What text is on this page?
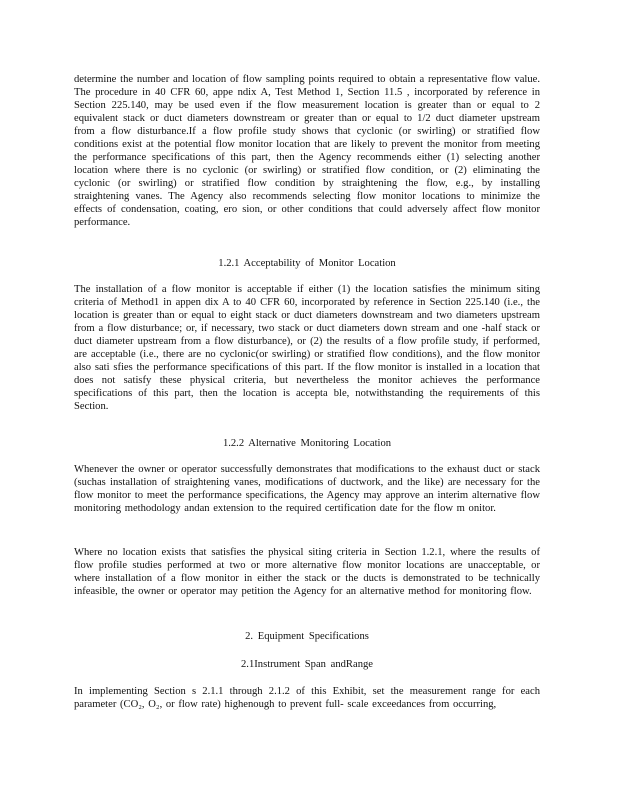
determine the number and location of flow sampling points required to obtain a representative flow value. The procedure in 40 CFR 60, appe ndix A, Test Method 1, Section 11.5 , incorporated by reference in Section 225.140, may be used even if the flow measurement location is greater than or equal to 2 equivalent stack or duct diameters downstream or greater than or equal to 1/2 duct diameter upstream from a flow disturbance.If a flow profile study shows that cyclonic (or swirling) or stratified flow conditions exist at the potential flow monitor location that are likely to prevent the monitor from meeting the performance specifications of this part, then the Agency recommends either (1) selecting another location where there is no cyclonic (or swirling) or stratified flow condition, or (2) eliminating the cyclonic (or swirling) or stratified flow condition by straightening the flow, e.g., by installing straightening vanes. The Agency also recommends selecting flow monitor locations to minimize the effects of condensation, coating, ero sion, or other conditions that could adversely affect flow monitor performance.

1.2.1 Acceptability of Monitor Location

The installation of a flow monitor is acceptable if either (1) the location satisfies the minimum siting criteria of Method1 in appen dix A to 40 CFR 60, incorporated by reference in Section 225.140 (i.e., the location is greater than or equal to eight stack or duct diameters downstream and two diameters upstream from a flow disturbance; or, if necessary, two stack or duct diameters down stream and one -half stack or duct diameter upstream from a flow disturbance), or (2) the results of a flow profile study, if performed, are acceptable (i.e., there are no cyclonic(or swirling) or stratified flow conditions), and the flow monitor also sati sfies the performance specifications of this part. If the flow monitor is installed in a location that does not satisfy these physical criteria, but nevertheless the monitor achieves the performance specifications of this part, then the location is accepta ble, notwithstanding the requirements of this Section.

1.2.2 Alternative Monitoring Location

Whenever the owner or operator successfully demonstrates that modifications to the exhaust duct or stack (suchas installation of straightening vanes, modifications of ductwork, and the like) are necessary for the flow monitor to meet the performance specifications, the Agency may approve an interim alternative flow monitoring methodology andan extension to the required certification date for the flow m onitor.

Where no location exists that satisfies the physical siting criteria in Section 1.2.1, where the results of flow profile studies performed at two or more alternative flow monitor locations are unacceptable, or where installation of a flow monitor in either the stack or the ducts is demonstrated to be technically infeasible, the owner or operator may petition the Agency for an alternative method for monitoring flow.

2. Equipment Specifications

2.1Instrument Span andRange

In implementing Section s 2.1.1 through 2.1.2 of this Exhibit, set the measurement range for each parameter (CO₂, O₂, or flow rate) highenough to prevent full- scale exceedances from occurring,
